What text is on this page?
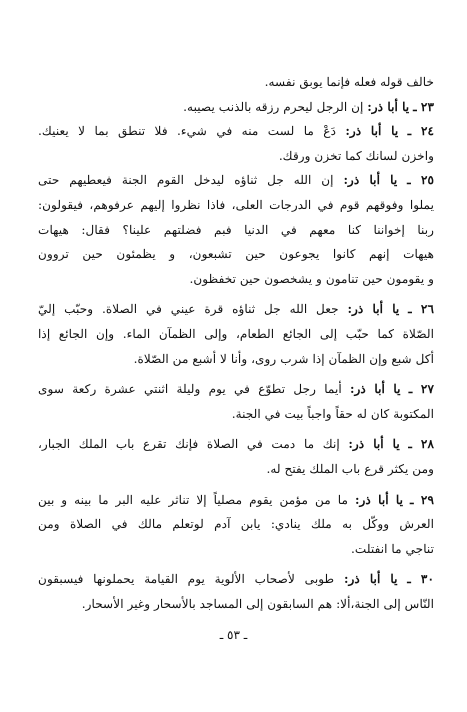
خالف قوله فعله فإنما يوبق نفسه.
٢٣ ـ يا أبا ذر: إن الرجل ليحرم رزقه بالذنب يصيبه.
٢٤ ـ يا أبا ذر: دَعْ ما لست منه في شيء. فلا تنطق بما لا يعنيك.
واخزن لسانك كما تخزن ورقك.
٢٥ ـ يا أبا ذر: إن الله جل ثناؤه ليدخل القوم الجنة فيعطيهم حتى
يملوا وفوقهم قوم في الدرجات العلى، فاذا نظروا إليهم عرفوهم، فيقولون:
ربنا إخواننا كنا معهم في الدنيا فبم فضلتهم علينا؟ فقال: هيهات
هيهات إنهم كانوا يجوعون حين تشبعون، و يظمئون حين تروون
و يقومون حين تنامون و يشخصون حين تخفظون.
٢٦ ـ يا أبا ذر: جعل الله جل ثناؤه قرة عيني في الصلاة. وحبّب إليّ
الصّلاة كما حبّب إلى الجائع الطعام، وإلى الظمآن الماء. وإن الجائع إذا
أكل شبع وإن الظمآن إذا شرب روى، وأنا لا أشبع من الصّلاة.
٢٧ ـ يا أبا ذر: أيما رجل تطوّع في يوم وليلة اثنتي عشرة ركعة سوى
المكتوبة كان له حقاً واجباً بيت في الجنة.
٢٨ ـ يا أبا ذر: إنك ما دمت في الصلاة فإنك تقرع باب الملك الجبار،
ومن يكثر قرع باب الملك يفتح له.
٢٩ ـ يا أبا ذر: ما من مؤمن يقوم مصلياً إلا تناثر عليه البر ما بينه و بين
العرش ووكّل به ملك ينادي: يابن آدم لوتعلم مالك في الصلاة ومن
تناجي ما انفتلت.
٣٠ ـ يا أبا ذر: طوبى لأصحاب الألوية يوم القيامة يحملونها فيسبقون
النّاس إلى الجنة،ألا: هم السابقون إلى المساجد بالأسحار وغير الأسحار.
ـ ٥٣ ـ
